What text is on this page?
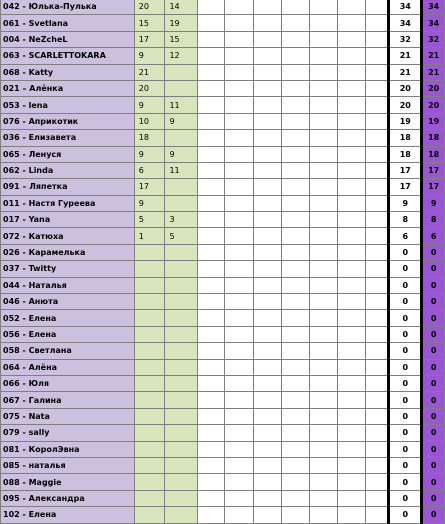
042 - Юлька-Пулька	20	14								34	34
061 - Svetlana	15	19								34	34
004 - NeZcheL	17	15								32	32
063 - SCARLETTOKARA	9	12								21	21
068 - Katty	21									21	21
021 – Алёнка	20									20	20
053 - lena	9	11								20	20
076 - Априкотик	10	9								19	19
036 - Елизавета	18									18	18
065 - Ленуся	9	9								18	18
062 - Linda	6	11								17	17
091 – Ляпетка	17									17	17
011 - Настя Гуреева	9									9	9
017 - Yana	5	3								8	8
072 - Катюха	1	5								6	6
026 - Карамелька										0	0
037 - Twitty										0	0
044 - Наталья										0	0
046 - Анюта										0	0
052 - Елена										0	0
056 - Елена										0	0
058 - Светлана										0	0
064 - Алёна										0	0
066 - Юля										0	0
067 - Галина										0	0
075 - Nata										0	0
079 - sally										0	0
081 - КоролЭвна										0	0
085 - наталья										0	0
088 - Maggie										0	0
095 - Александра										0	0
102 - Елена										0	0
